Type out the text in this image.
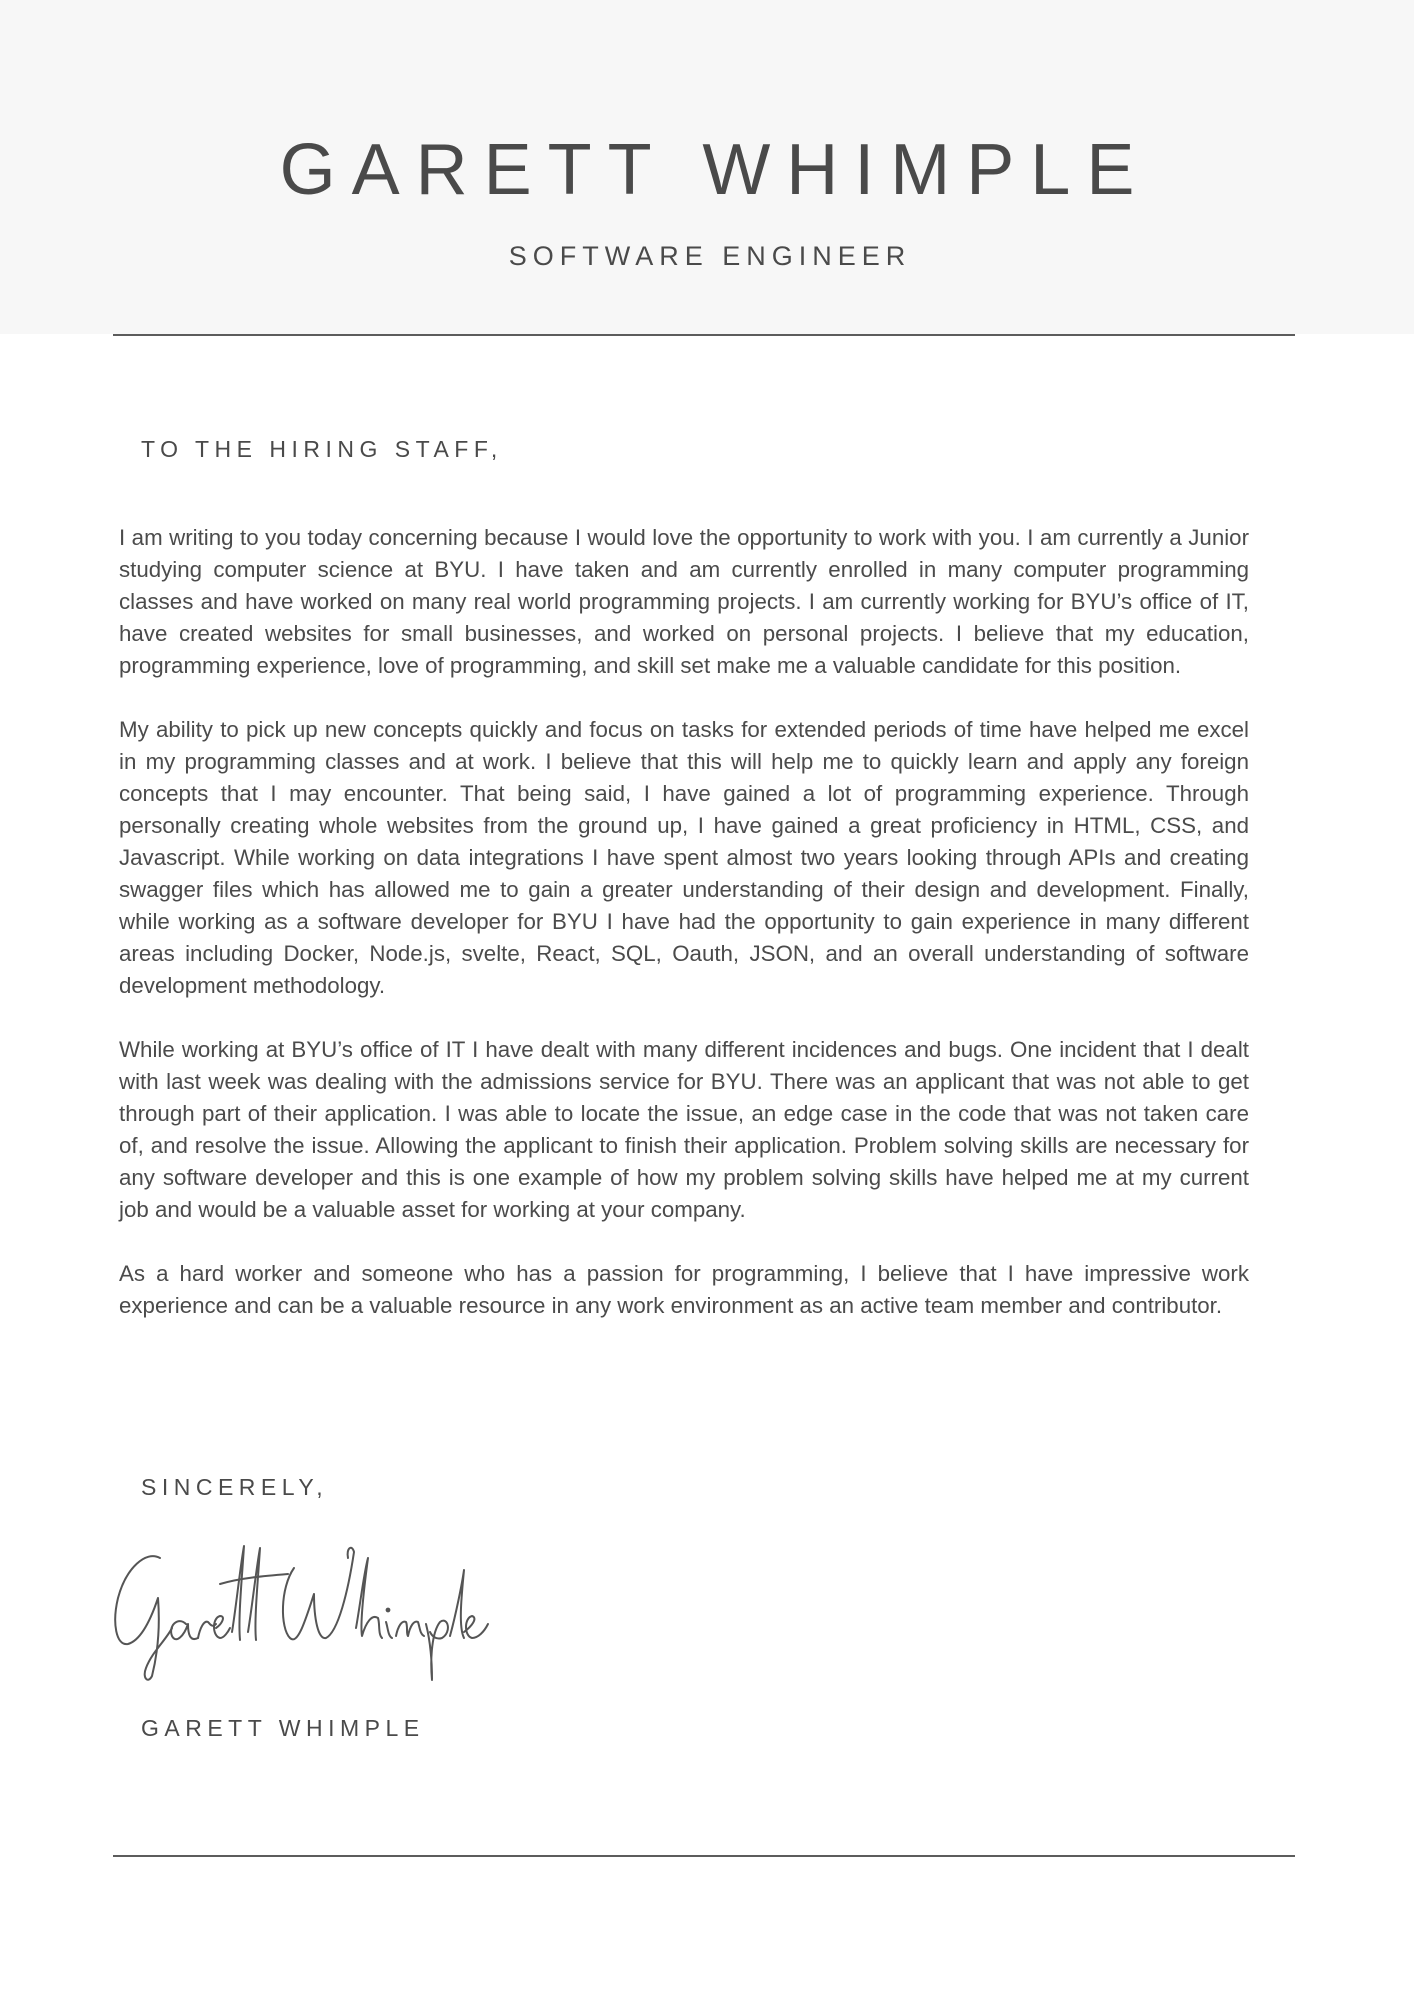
GARETT WHIMPLE
SOFTWARE ENGINEER
TO THE HIRING STAFF,

I am writing to you today concerning because I would love the opportunity to work with you. I am currently a Junior studying computer science at BYU. I have taken and am currently enrolled in many computer programming classes and have worked on many real world programming projects. I am currently working for BYU’s office of IT, have created websites for small businesses, and worked on personal projects. I believe that my education, programming experience, love of programming, and skill set make me a valuable candidate for this position.

My ability to pick up new concepts quickly and focus on tasks for extended periods of time have helped me excel in my programming classes and at work. I believe that this will help me to quickly learn and apply any foreign concepts that I may encounter. That being said, I have gained a lot of programming experience. Through personally creating whole websites from the ground up, I have gained a great proficiency in HTML, CSS, and Javascript. While working on data integrations I have spent almost two years looking through APIs and creating swagger files which has allowed me to gain a greater understanding of their design and development. Finally, while working as a software developer for BYU I have had the opportunity to gain experience in many different areas including Docker, Node.js, svelte, React, SQL, Oauth, JSON, and an overall understanding of software development methodology.

While working at BYU’s office of IT I have dealt with many different incidences and bugs. One incident that I dealt with last week was dealing with the admissions service for BYU. There was an applicant that was not able to get through part of their application. I was able to locate the issue, an edge case in the code that was not taken care of, and resolve the issue. Allowing the applicant to finish their application. Problem solving skills are necessary for any software developer and this is one example of how my problem solving skills have helped me at my current job and would be a valuable asset for working at your company.

As a hard worker and someone who has a passion for programming, I believe that I have impressive work experience and can be a valuable resource in any work environment as an active team member and contributor.

SINCERELY,
GARETT WHIMPLE
